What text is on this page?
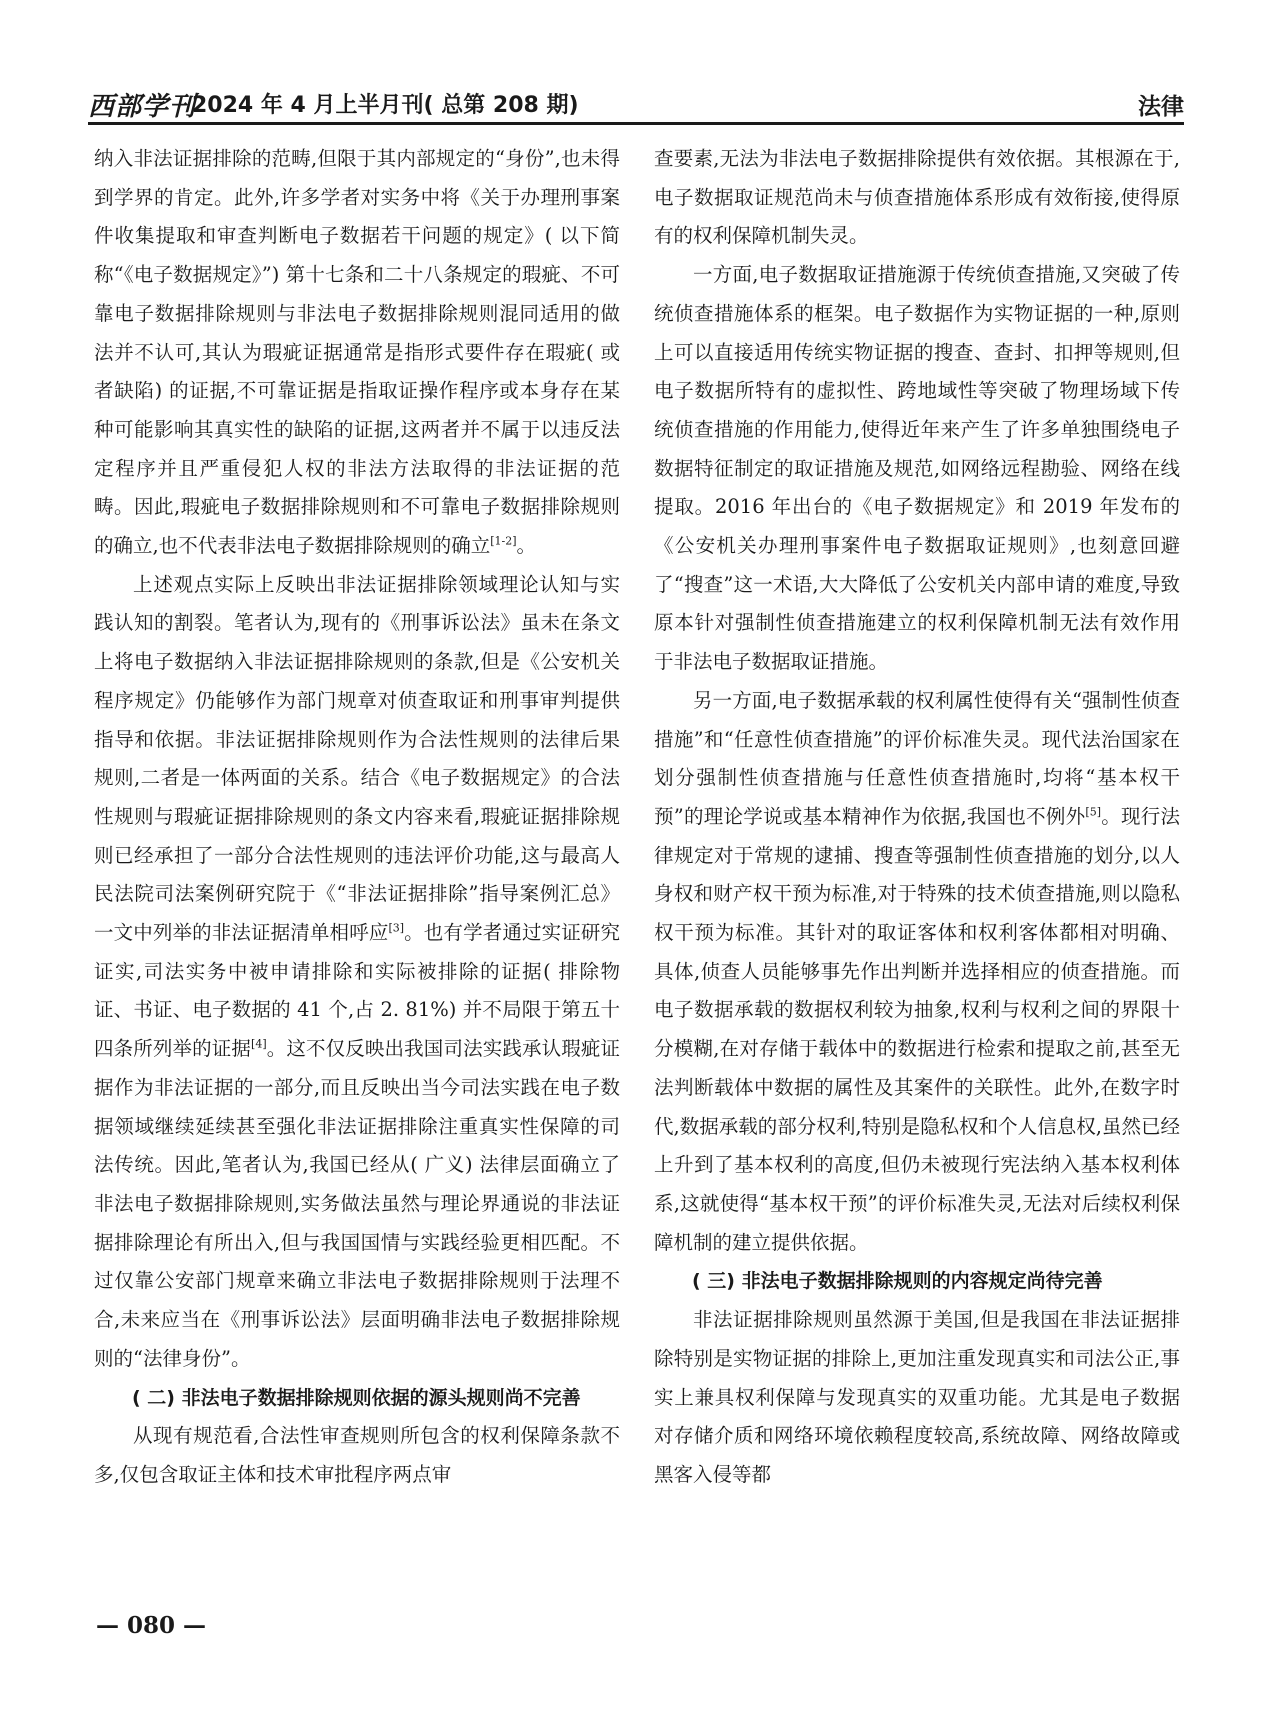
西部学刊
2024 年 4 月上半月刊( 总第 208 期)	法律

纳入非法证据排除的范畴,但限于其内部规定的“身份”,也未得到学界的肯定。此外,许多学者对实务中将《关于办理刑事案件收集提取和审查判断电子数据若干问题的规定》( 以下简称“《电子数据规定》”) 第十七条和二十八条规定的瑕疵、不可靠电子数据排除规则与非法电子数据排除规则混同适用的做法并不认可,其认为瑕疵证据通常是指形式要件存在瑕疵( 或者缺陷) 的证据,不可靠证据是指取证操作程序或本身存在某种可能影响其真实性的缺陷的证据,这两者并不属于以违反法定程序并且严重侵犯人权的非法方法取得的非法证据的范畴。因此,瑕疵电子数据排除规则和不可靠电子数据排除规则的确立,也不代表非法电子数据排除规则的确立[1-2]。

上述观点实际上反映出非法证据排除领域理论认知与实践认知的割裂。笔者认为,现有的《刑事诉讼法》虽未在条文上将电子数据纳入非法证据排除规则的条款,但是《公安机关程序规定》仍能够作为部门规章对侦查取证和刑事审判提供指导和依据。非法证据排除规则作为合法性规则的法律后果规则,二者是一体两面的关系。结合《电子数据规定》的合法性规则与瑕疵证据排除规则的条文内容来看,瑕疵证据排除规则已经承担了一部分合法性规则的违法评价功能,这与最高人民法院司法案例研究院于《“非法证据排除”指导案例汇总》一文中列举的非法证据清单相呼应[3]。也有学者通过实证研究证实,司法实务中被申请排除和实际被排除的证据( 排除物证、书证、电子数据的 41 个,占 2. 81%) 并不局限于第五十四条所列举的证据[4]。这不仅反映出我国司法实践承认瑕疵证据作为非法证据的一部分,而且反映出当今司法实践在电子数据领域继续延续甚至强化非法证据排除注重真实性保障的司法传统。因此,笔者认为,我国已经从( 广义) 法律层面确立了非法电子数据排除规则,实务做法虽然与理论界通说的非法证据排除理论有所出入,但与我国国情与实践经验更相匹配。不过仅靠公安部门规章来确立非法电子数据排除规则于法理不合,未来应当在《刑事诉讼法》层面明确非法电子数据排除规则的“法律身份”。

( 二) 非法电子数据排除规则依据的源头规则尚不完善

从现有规范看,合法性审查规则所包含的权利保障条款不多,仅包含取证主体和技术审批程序两点审

查要素,无法为非法电子数据排除提供有效依据。其根源在于,电子数据取证规范尚未与侦查措施体系形成有效衔接,使得原有的权利保障机制失灵。

一方面,电子数据取证措施源于传统侦查措施,又突破了传统侦查措施体系的框架。电子数据作为实物证据的一种,原则上可以直接适用传统实物证据的搜查、查封、扣押等规则,但电子数据所特有的虚拟性、跨地域性等突破了物理场域下传统侦查措施的作用能力,使得近年来产生了许多单独围绕电子数据特征制定的取证措施及规范,如网络远程勘验、网络在线提取。2016 年出台的《电子数据规定》和 2019 年发布的《公安机关办理刑事案件电子数据取证规则》,也刻意回避了“搜查”这一术语,大大降低了公安机关内部申请的难度,导致原本针对强制性侦查措施建立的权利保障机制无法有效作用于非法电子数据取证措施。

另一方面,电子数据承载的权利属性使得有关“强制性侦查措施”和“任意性侦查措施”的评价标准失灵。现代法治国家在划分强制性侦查措施与任意性侦查措施时,均将“基本权干预”的理论学说或基本精神作为依据,我国也不例外[5]。现行法律规定对于常规的逮捕、搜查等强制性侦查措施的划分,以人身权和财产权干预为标准,对于特殊的技术侦查措施,则以隐私权干预为标准。其针对的取证客体和权利客体都相对明确、具体,侦查人员能够事先作出判断并选择相应的侦查措施。而电子数据承载的数据权利较为抽象,权利与权利之间的界限十分模糊,在对存储于载体中的数据进行检索和提取之前,甚至无法判断载体中数据的属性及其案件的关联性。此外,在数字时代,数据承载的部分权利,特别是隐私权和个人信息权,虽然已经上升到了基本权利的高度,但仍未被现行宪法纳入基本权利体系,这就使得“基本权干预”的评价标准失灵,无法对后续权利保障机制的建立提供依据。

( 三) 非法电子数据排除规则的内容规定尚待完善

非法证据排除规则虽然源于美国,但是我国在非法证据排除特别是实物证据的排除上,更加注重发现真实和司法公正,事实上兼具权利保障与发现真实的双重功能。尤其是电子数据对存储介质和网络环境依赖程度较高,系统故障、网络故障或黑客入侵等都

— 080 —
